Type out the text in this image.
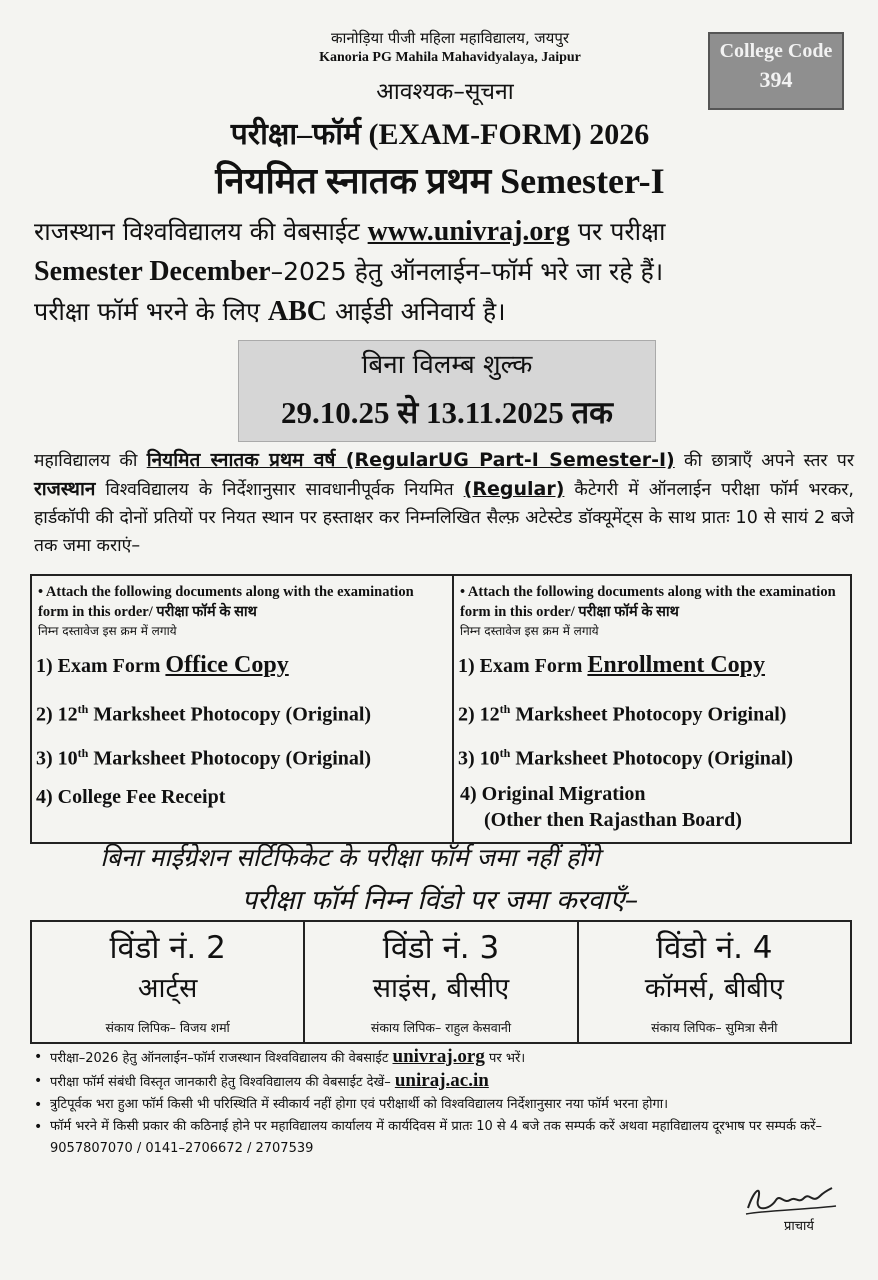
कानोड़िया पीजी महिला महाविद्यालय, जयपुर
Kanoria PG Mahila Mahavidyalaya, Jaipur	College Code
394
आवश्यक–सूचना
परीक्षा–फॉर्म (EXAM-FORM) 2026
नियमित स्नातक प्रथम Semester-I
राजस्थान विश्वविद्यालय की वेबसाईट www.univraj.org पर परीक्षा
Semester December–2025 हेतु ऑनलाईन–फॉर्म भरे जा रहे हैं।
परीक्षा फॉर्म भरने के लिए ABC आईडी अनिवार्य है।
बिना विलम्ब शुल्क
29.10.25 से 13.11.2025 तक
महाविद्यालय की नियमित स्नातक प्रथम वर्ष (RegularUG Part-I Semester-I) की छात्राएँ अपने स्तर पर राजस्थान विश्वविद्यालय के निर्देशानुसार सावधानीपूर्वक नियमित (Regular) कैटेगरी में ऑनलाईन परीक्षा फॉर्म भरकर, हार्डकॉपी की दोनों प्रतियों पर नियत स्थान पर हस्ताक्षर कर निम्नलिखित सैल्फ़ अटेस्टेड डॉक्यूमेंट्स के साथ प्रातः 10 से सायं 2 बजे तक जमा कराएं–
• Attach the following documents along with the examination form in this order/ परीक्षा फॉर्म के साथ
निम्न दस्तावेज इस क्रम में लगाये
1) Exam Form Office Copy
2) 12th Marksheet Photocopy (Original)
3) 10th Marksheet Photocopy (Original)
4) College Fee Receipt
• Attach the following documents along with the examination form in this order/ परीक्षा फॉर्म के साथ
निम्न दस्तावेज इस क्रम में लगाये
1) Exam Form Enrollment Copy
2) 12th Marksheet Photocopy Original)
3) 10th Marksheet Photocopy (Original)
4) Original Migration
(Other then Rajasthan Board)
बिना माईग्रेशन सर्टिफिकेट के परीक्षा फॉर्म जमा नहीं होंगे
परीक्षा फॉर्म निम्न विंडो पर जमा करवाएँ–
विंडो नं. 2
आर्ट्स
संकाय लिपिक– विजय शर्मा
विंडो नं. 3
साइंस, बीसीए
संकाय लिपिक– राहुल केसवानी
विंडो नं. 4
कॉमर्स, बीबीए
संकाय लिपिक– सुमित्रा सैनी
• परीक्षा–2026 हेतु ऑनलाईन–फॉर्म राजस्थान विश्वविद्यालय की वेबसाईट univraj.org पर भरें।
• परीक्षा फॉर्म संबंधी विस्तृत जानकारी हेतु विश्वविद्यालय की वेबसाईट देखें– uniraj.ac.in
• त्रुटिपूर्वक भरा हुआ फॉर्म किसी भी परिस्थिति में स्वीकार्य नहीं होगा एवं परीक्षार्थी को विश्वविद्यालय निर्देशानुसार नया फॉर्म भरना होगा।
• फॉर्म भरने में किसी प्रकार की कठिनाई होने पर महाविद्यालय कार्यालय में कार्यदिवस में प्रातः 10 से 4 बजे तक सम्पर्क करें अथवा महाविद्यालय दूरभाष पर सम्पर्क करें– 9057807070 / 0141–2706672 / 2707539
प्राचार्य
